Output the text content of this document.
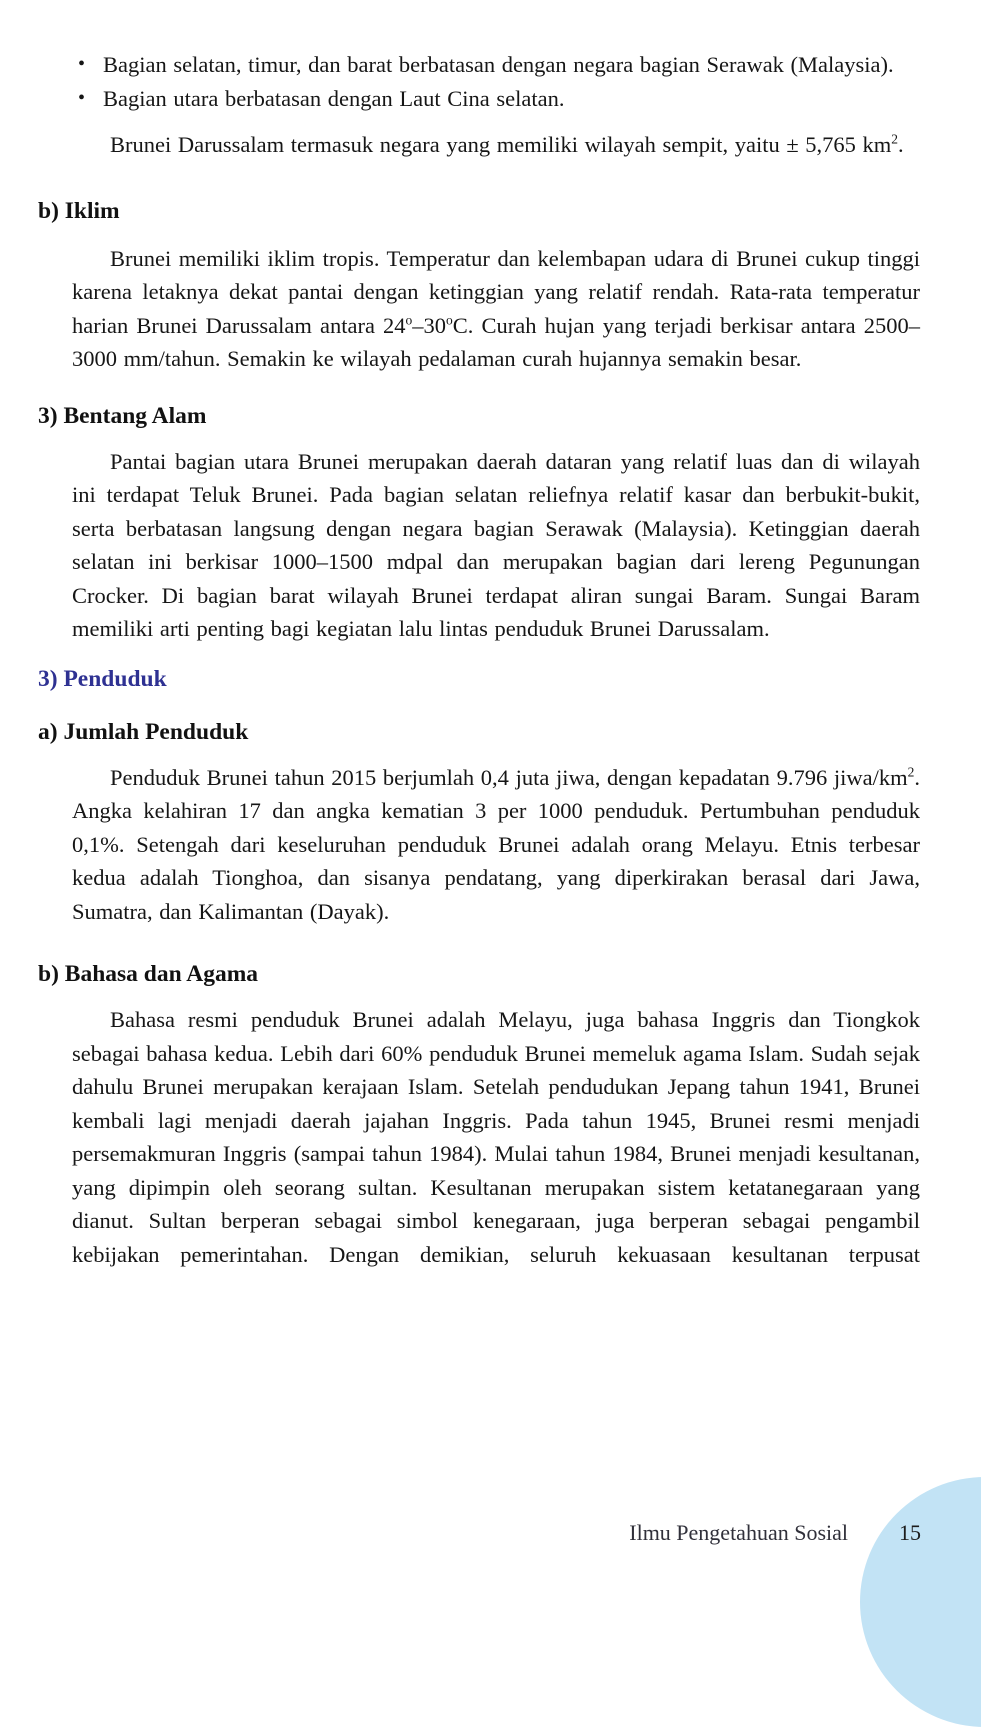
• Bagian selatan, timur, dan barat berbatasan dengan negara bagian Serawak (Malaysia).
• Bagian utara berbatasan dengan Laut Cina selatan.

Brunei Darussalam termasuk negara yang memiliki wilayah sempit, yaitu ± 5,765 $km^2$.

b) Iklim

Brunei memiliki iklim tropis. Temperatur dan kelembapan udara di Brunei cukup tinggi karena letaknya dekat pantai dengan ketinggian yang relatif rendah. Rata-rata temperatur harian Brunei Darussalam antara 24$^o$–30$^o$C. Curah hujan yang terjadi berkisar antara 2500–3000 mm/tahun. Semakin ke wilayah pedalaman curah hujannya semakin besar.

3) Bentang Alam

Pantai bagian utara Brunei merupakan daerah dataran yang relatif luas dan di wilayah ini terdapat Teluk Brunei. Pada bagian selatan reliefnya relatif kasar dan berbukit-bukit, serta berbatasan langsung dengan negara bagian Serawak (Malaysia). Ketinggian daerah selatan ini berkisar 1000–1500 mdpal dan merupakan bagian dari lereng Pegunungan Crocker. Di bagian barat wilayah Brunei terdapat aliran sungai Baram. Sungai Baram memiliki arti penting bagi kegiatan lalu lintas penduduk Brunei Darussalam.

3) Penduduk
a) Jumlah Penduduk

Penduduk Brunei tahun 2015 berjumlah 0,4 juta jiwa, dengan kepadatan 9.796 jiwa/$km^2$. Angka kelahiran 17 dan angka kematian 3 per 1000 penduduk. Pertumbuhan penduduk 0,1%. Setengah dari keseluruhan penduduk Brunei adalah orang Melayu. Etnis terbesar kedua adalah Tionghoa, dan sisanya pendatang, yang diperkirakan berasal dari Jawa, Sumatra, dan Kalimantan (Dayak).

b) Bahasa dan Agama

Bahasa resmi penduduk Brunei adalah Melayu, juga bahasa Inggris dan Tiongkok sebagai bahasa kedua. Lebih dari 60% penduduk Brunei memeluk agama Islam. Sudah sejak dahulu Brunei merupakan kerajaan Islam. Setelah pendudukan Jepang tahun 1941, Brunei kembali lagi menjadi daerah jajahan Inggris. Pada tahun 1945, Brunei resmi menjadi persemakmuran Inggris (sampai tahun 1984). Mulai tahun 1984, Brunei menjadi kesultanan, yang dipimpin oleh seorang sultan. Kesultanan merupakan sistem ketatanegaraan yang dianut. Sultan berperan sebagai simbol kenegaraan, juga berperan sebagai pengambil kebijakan pemerintahan. Dengan demikian, seluruh kekuasaan kesultanan terpusat

Ilmu Pengetahuan Sosial	15
